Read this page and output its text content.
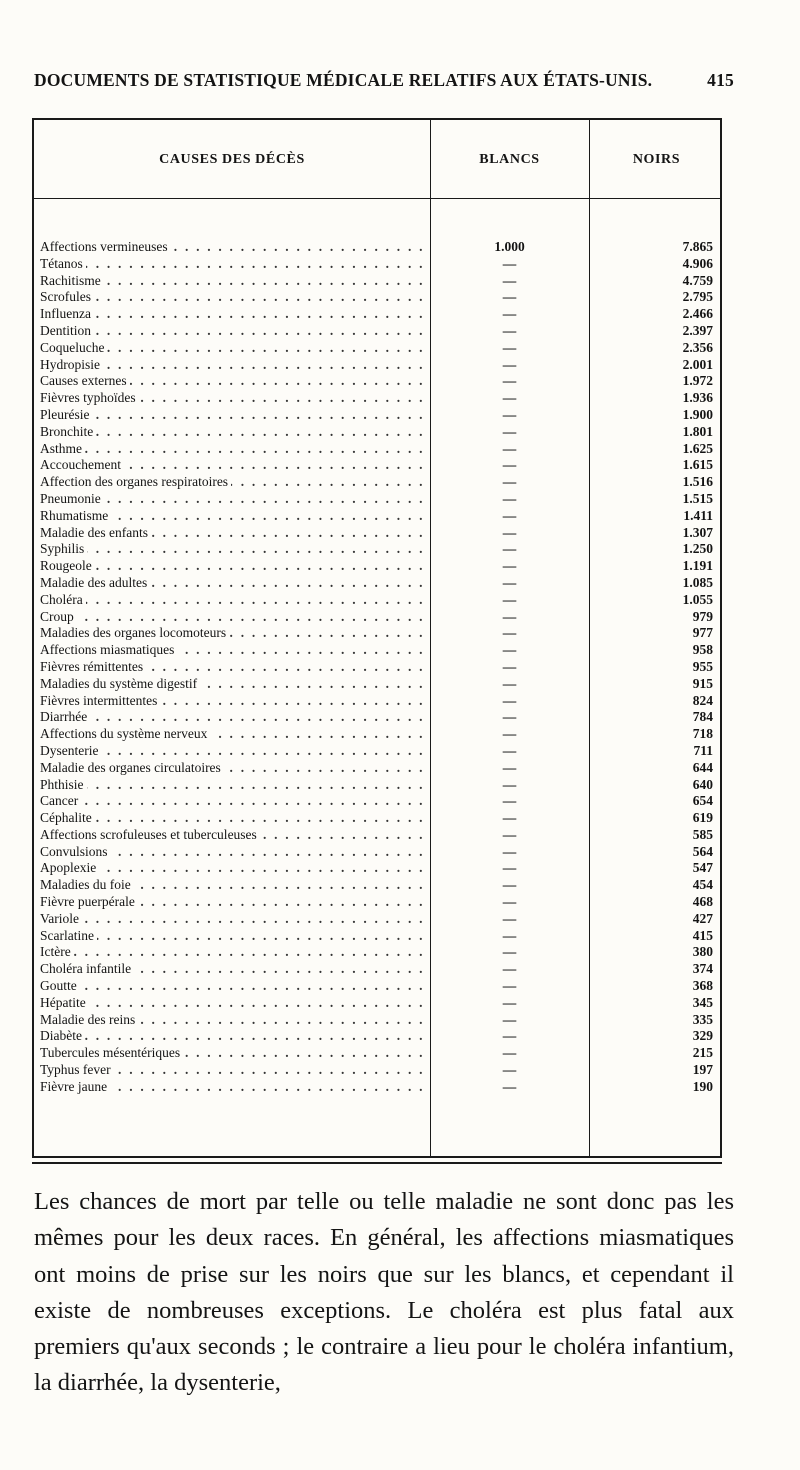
DOCUMENTS DE STATISTIQUE MÉDICALE RELATIFS AUX ÉTATS-UNIS.	415
CAUSES DES DÉCÈS	BLANCS	NOIRS
Affections vermineuses . . .	1.000	7.865
Tétanos . . .	—	4.906
Rachitisme . . .	—	4.759
Scrofules . . .	—	2.795
Influenza . . .	—	2.466
Dentition . . .	—	2.397
Coqueluche . . .	—	2.356
Hydropisie . . .	—	2.001
Causes externes . . .	—	1.972
Fièvres typhoïdes . . .	—	1.936
Pleurésie . . .	—	1.900
Bronchite . . .	—	1.801
Asthme . . .	—	1.625
Accouchement . . .	—	1.615
Affection des organes respiratoires . . .	—	1.516
Pneumonie . . .	—	1.515
Rhumatisme . . .	—	1.411
Maladie des enfants . . .	—	1.307
Syphilis . . .	—	1.250
Rougeole . . .	—	1.191
Maladie des adultes . . .	—	1.085
Choléra . . .	—	1.055
Croup . . .	—	979
Maladies des organes locomoteurs . . .	—	977
Affections miasmatiques . . .	—	958
Fièvres rémittentes . . .	—	955
Maladies du système digestif . . .	—	915
Fièvres intermittentes . . .	—	824
Diarrhée . . .	—	784
Affections du système nerveux . . .	—	718
Dysenterie . . .	—	711
Maladie des organes circulatoires . . .	—	644
Phthisie . . .	—	640
Cancer . . .	—	654
Céphalite . . .	—	619
Affections scrofuleuses et tuberculeuses . . .	—	585
Convulsions . . .	—	564
Apoplexie . . .	—	547
Maladies du foie . . .	—	454
Fièvre puerpérale . . .	—	468
Variole . . .	—	427
Scarlatine . . .	—	415
Ictère . . .	—	380
Choléra infantile . . .	—	374
Goutte . . .	—	368
Hépatite . . .	—	345
Maladie des reins . . .	—	335
Diabète . . .	—	329
Tubercules mésentériques . . .	—	215
Typhus fever . . .	—	197
Fièvre jaune . . .	—	190

Les chances de mort par telle ou telle maladie ne sont donc pas les mêmes pour les deux races. En général, les affections miasmatiques ont moins de prise sur les noirs que sur les blancs, et cependant il existe de nombreuses exceptions. Le choléra est plus fatal aux premiers qu'aux seconds ; le contraire a lieu pour le choléra infantium, la diarrhée, la dysenterie,
